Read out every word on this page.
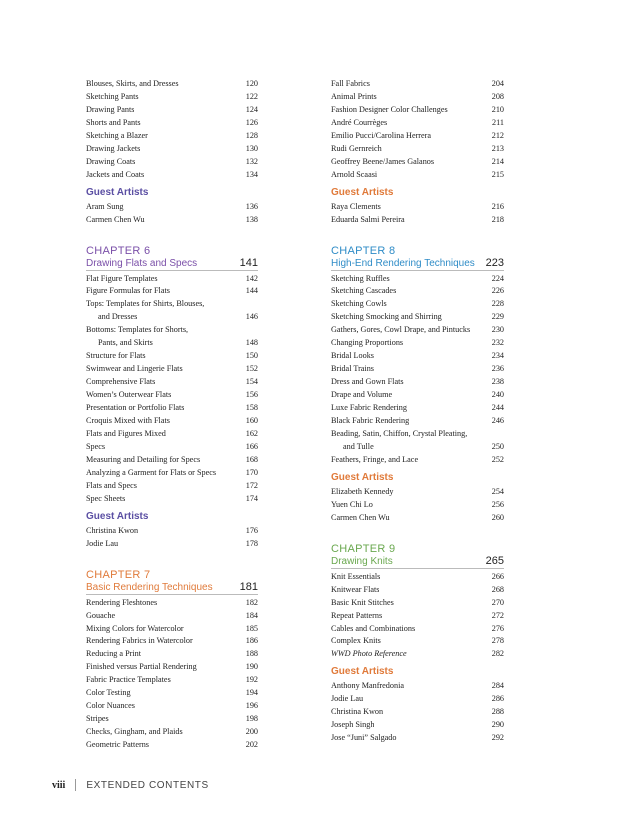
Blouses, Skirts, and Dresses	120
Sketching Pants	122
Drawing Pants	124
Shorts and Pants	126
Sketching a Blazer	128
Drawing Jackets	130
Drawing Coats	132
Jackets and Coats	134
Guest Artists
Aram Sung	136
Carmen Chen Wu	138
CHAPTER 6
Drawing Flats and Specs	141
Flat Figure Templates	142
Figure Formulas for Flats	144
Tops: Templates for Shirts, Blouses,
and Dresses	146
Bottoms: Templates for Shorts,
Pants, and Skirts	148
Structure for Flats	150
Swimwear and Lingerie Flats	152
Comprehensive Flats	154
Women’s Outerwear Flats	156
Presentation or Portfolio Flats	158
Croquis Mixed with Flats	160
Flats and Figures Mixed	162
Specs	166
Measuring and Detailing for Specs	168
Analyzing a Garment for Flats or Specs	170
Flats and Specs	172
Spec Sheets	174
Guest Artists
Christina Kwon	176
Jodie Lau	178
CHAPTER 7
Basic Rendering Techniques 181
Rendering Fleshtones	182
Gouache	184
Mixing Colors for Watercolor	185
Rendering Fabrics in Watercolor	186
Reducing a Print	188
Finished versus Partial Rendering	190
Fabric Practice Templates	192
Color Testing	194
Color Nuances	196
Stripes	198
Checks, Gingham, and Plaids	200
Geometric Patterns	202
Fall Fabrics	204
Animal Prints	208
Fashion Designer Color Challenges	210
André Courrèges	211
Emilio Pucci/Carolina Herrera	212
Rudi Gernreich	213
Geoffrey Beene/James Galanos	214
Arnold Scaasi	215
Guest Artists
Raya Clements	216
Eduarda Salmi Pereira	218
CHAPTER 8
High-End Rendering Techniques 223
Sketching Ruffles	224
Sketching Cascades	226
Sketching Cowls	228
Sketching Smocking and Shirring	229
Gathers, Gores, Cowl Drape, and Pintucks	230
Changing Proportions	232
Bridal Looks	234
Bridal Trains	236
Dress and Gown Flats	238
Drape and Volume	240
Luxe Fabric Rendering	244
Black Fabric Rendering	246
Beading, Satin, Chiffon, Crystal Pleating,
and Tulle	250
Feathers, Fringe, and Lace	252
Guest Artists
Elizabeth Kennedy	254
Yuen Chi Lo	256
Carmen Chen Wu	260
CHAPTER 9
Drawing Knits	265
Knit Essentials	266
Knitwear Flats	268
Basic Knit Stitches	270
Repeat Patterns	272
Cables and Combinations	276
Complex Knits	278
WWD Photo Reference	282
Guest Artists
Anthony Manfredonia	284
Jodie Lau	286
Christina Kwon	288
Joseph Singh	290
Jose “Juni” Salgado	292
viii EXTENDED CONTENTS
